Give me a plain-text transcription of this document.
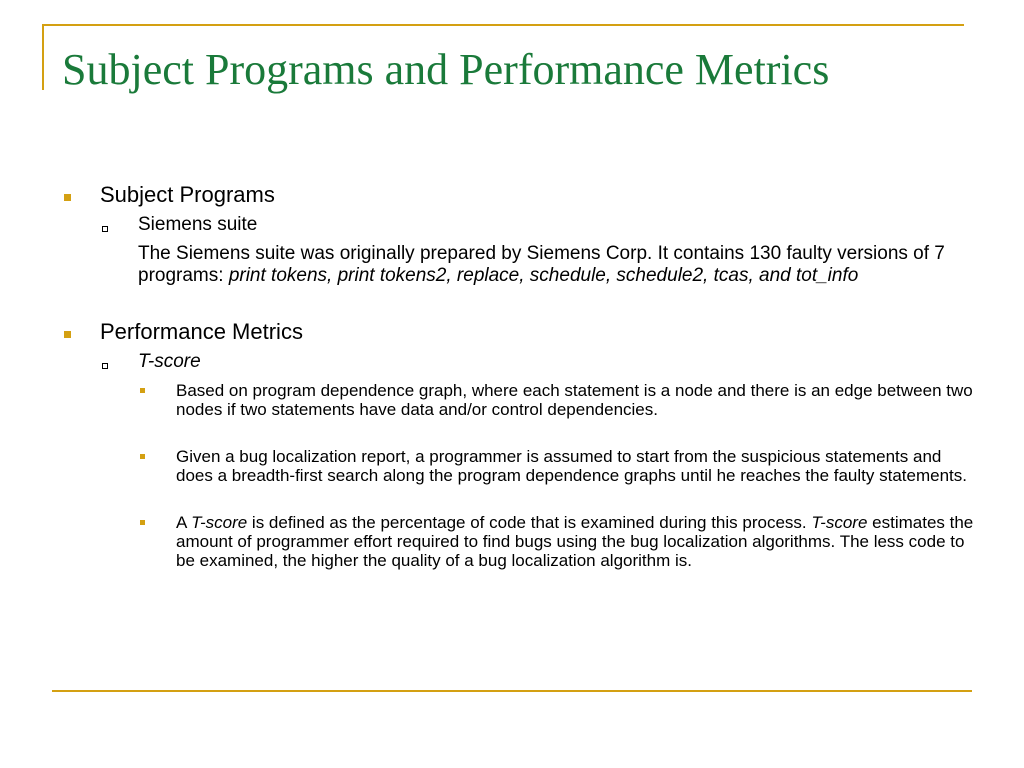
Subject Programs and Performance Metrics
Subject Programs
Siemens suite
The Siemens suite was originally prepared by Siemens Corp. It contains 130 faulty versions of 7 programs: print tokens, print tokens2, replace, schedule, schedule2, tcas, and tot_info
Performance Metrics
T-score
Based on program dependence graph, where each statement is a node and there is an edge between two nodes if two statements have data and/or control dependencies.
Given a bug localization report, a programmer is assumed to start from the suspicious statements and does a breadth-first search along the program dependence graphs until he reaches the faulty statements.
A T-score is defined as the percentage of code that is examined during this process. T-score estimates the amount of programmer effort required to find bugs using the bug localization algorithms. The less code to be examined, the higher the quality of a bug localization algorithm is.
